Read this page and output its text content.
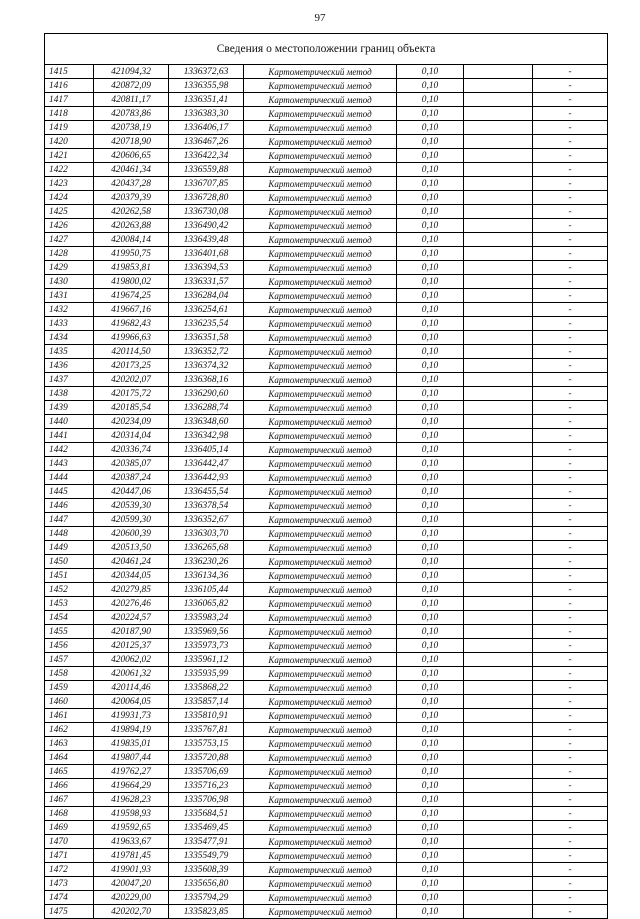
97
Сведения о местоположении границ объекта
1415	421094,32	1336372,63	Картометрический метод	0,10		-
1416	420872,09	1336355,98	Картометрический метод	0,10		-
1417	420811,17	1336351,41	Картометрический метод	0,10		-
1418	420783,86	1336383,30	Картометрический метод	0,10		-
1419	420738,19	1336406,17	Картометрический метод	0,10		-
1420	420718,90	1336467,26	Картометрический метод	0,10		-
1421	420606,65	1336422,34	Картометрический метод	0,10		-
1422	420461,34	1336559,88	Картометрический метод	0,10		-
1423	420437,28	1336707,85	Картометрический метод	0,10		-
1424	420379,39	1336728,80	Картометрический метод	0,10		-
1425	420262,58	1336730,08	Картометрический метод	0,10		-
1426	420263,88	1336490,42	Картометрический метод	0,10		-
1427	420084,14	1336439,48	Картометрический метод	0,10		-
1428	419950,75	1336401,68	Картометрический метод	0,10		-
1429	419853,81	1336394,53	Картометрический метод	0,10		-
1430	419800,02	1336331,57	Картометрический метод	0,10		-
1431	419674,25	1336284,04	Картометрический метод	0,10		-
1432	419667,16	1336254,61	Картометрический метод	0,10		-
1433	419682,43	1336235,54	Картометрический метод	0,10		-
1434	419966,63	1336351,58	Картометрический метод	0,10		-
1435	420114,50	1336352,72	Картометрический метод	0,10		-
1436	420173,25	1336374,32	Картометрический метод	0,10		-
1437	420202,07	1336368,16	Картометрический метод	0,10		-
1438	420175,72	1336290,60	Картометрический метод	0,10		-
1439	420185,54	1336288,74	Картометрический метод	0,10		-
1440	420234,09	1336348,60	Картометрический метод	0,10		-
1441	420314,04	1336342,98	Картометрический метод	0,10		-
1442	420336,74	1336405,14	Картометрический метод	0,10		-
1443	420385,07	1336442,47	Картометрический метод	0,10		-
1444	420387,24	1336442,93	Картометрический метод	0,10		-
1445	420447,06	1336455,54	Картометрический метод	0,10		-
1446	420539,30	1336378,54	Картометрический метод	0,10		-
1447	420599,30	1336352,67	Картометрический метод	0,10		-
1448	420600,39	1336303,70	Картометрический метод	0,10		-
1449	420513,50	1336265,68	Картометрический метод	0,10		-
1450	420461,24	1336230,26	Картометрический метод	0,10		-
1451	420344,05	1336134,36	Картометрический метод	0,10		-
1452	420279,85	1336105,44	Картометрический метод	0,10		-
1453	420276,46	1336065,82	Картометрический метод	0,10		-
1454	420224,57	1335983,24	Картометрический метод	0,10		-
1455	420187,90	1335969,56	Картометрический метод	0,10		-
1456	420125,37	1335973,73	Картометрический метод	0,10		-
1457	420062,02	1335961,12	Картометрический метод	0,10		-
1458	420061,32	1335935,99	Картометрический метод	0,10		-
1459	420114,46	1335868,22	Картометрический метод	0,10		-
1460	420064,05	1335857,14	Картометрический метод	0,10		-
1461	419931,73	1335810,91	Картометрический метод	0,10		-
1462	419894,19	1335767,81	Картометрический метод	0,10		-
1463	419835,01	1335753,15	Картометрический метод	0,10		-
1464	419807,44	1335720,88	Картометрический метод	0,10		-
1465	419762,27	1335706,69	Картометрический метод	0,10		-
1466	419664,29	1335716,23	Картометрический метод	0,10		-
1467	419628,23	1335706,98	Картометрический метод	0,10		-
1468	419598,93	1335684,51	Картометрический метод	0,10		-
1469	419592,65	1335469,45	Картометрический метод	0,10		-
1470	419633,67	1335477,91	Картометрический метод	0,10		-
1471	419781,45	1335549,79	Картометрический метод	0,10		-
1472	419901,93	1335608,39	Картометрический метод	0,10		-
1473	420047,20	1335656,80	Картометрический метод	0,10		-
1474	420229,00	1335794,29	Картометрический метод	0,10		-
1475	420202,70	1335823,85	Картометрический метод	0,10		-
